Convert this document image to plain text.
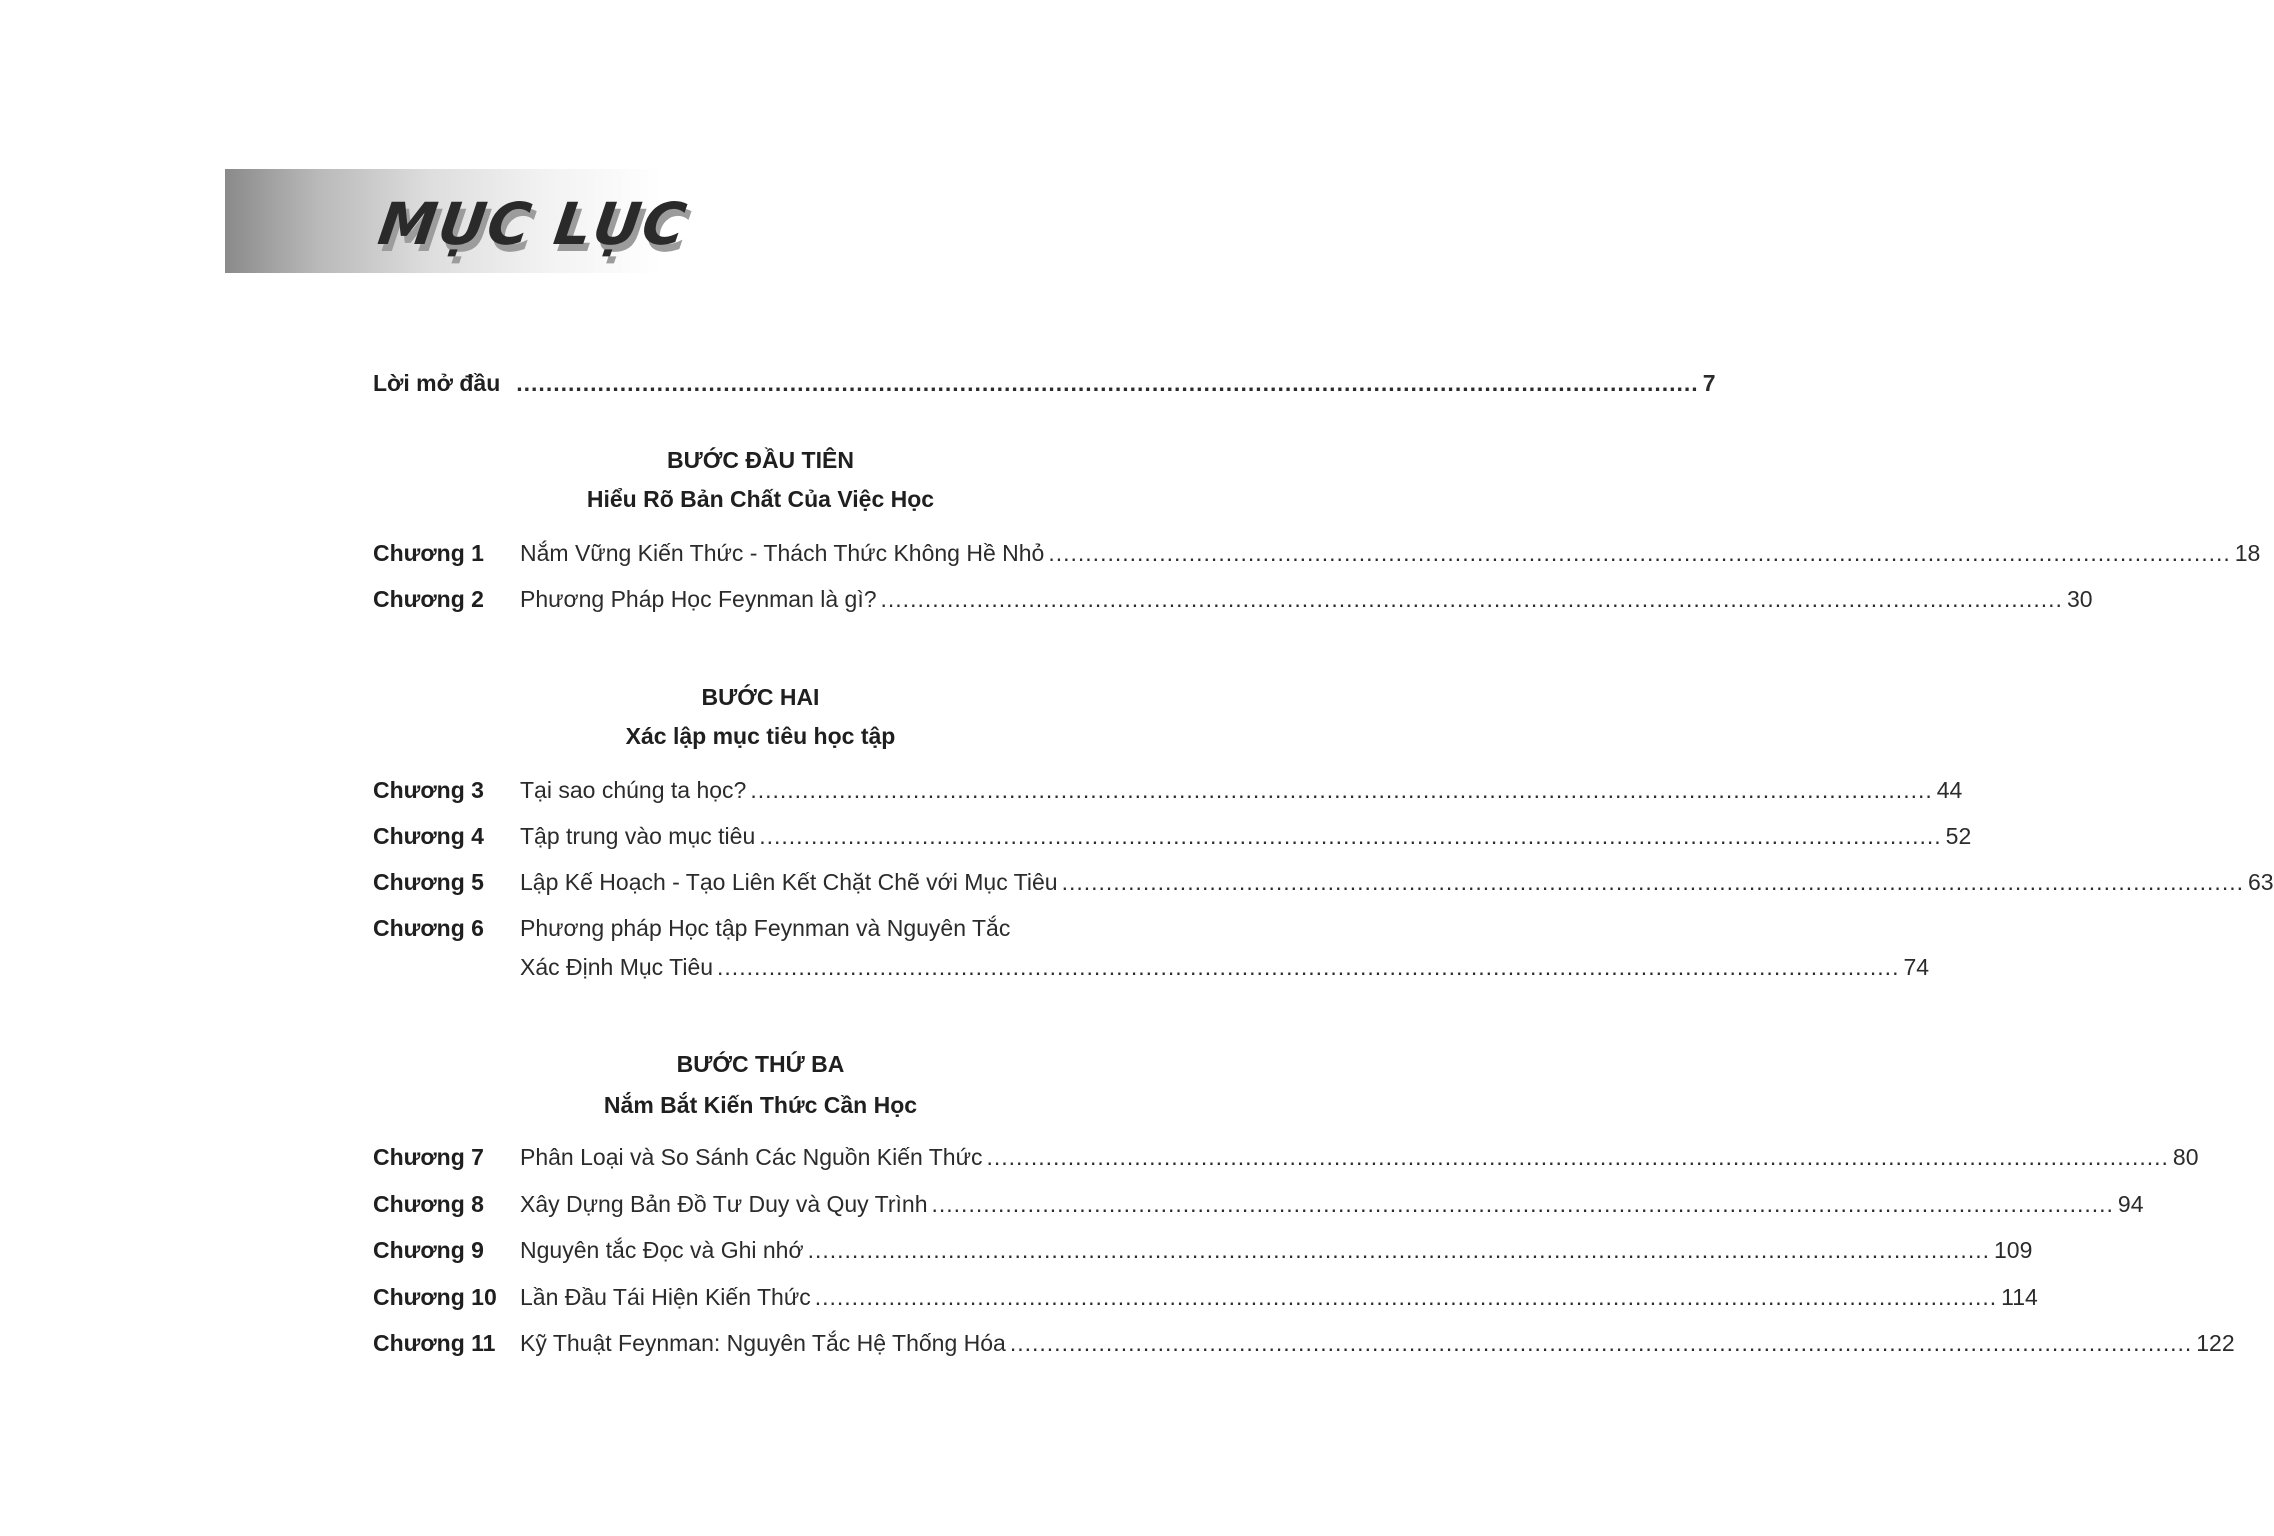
MỤC LỤC
Lời mở đầu .....	7
BƯỚC ĐẦU TIÊN
Hiểu Rõ Bản Chất Của Việc Học
Chương 1	Nắm Vững Kiến Thức - Thách Thức Không Hề Nhỏ .....	18
Chương 2	Phương Pháp Học Feynman là gì? .....	30
BƯỚC HAI
Xác lập mục tiêu học tập
Chương 3	Tại sao chúng ta học? .....	44
Chương 4	Tập trung vào mục tiêu .....	52
Chương 5	Lập Kế Hoạch - Tạo Liên Kết Chặt Chẽ với Mục Tiêu .....	63
Chương 6	Phương pháp Học tập Feynman và Nguyên Tắc
Xác Định Mục Tiêu .....	74
BƯỚC THỨ BA
Nắm Bắt Kiến Thức Cần Học
Chương 7	Phân Loại và So Sánh Các Nguồn Kiến Thức .....	80
Chương 8	Xây Dựng Bản Đồ Tư Duy và Quy Trình .....	94
Chương 9	Nguyên tắc Đọc và Ghi nhớ .....	109
Chương 10	Lần Đầu Tái Hiện Kiến Thức .....	114
Chương 11	Kỹ Thuật Feynman: Nguyên Tắc Hệ Thống Hóa .....	122
